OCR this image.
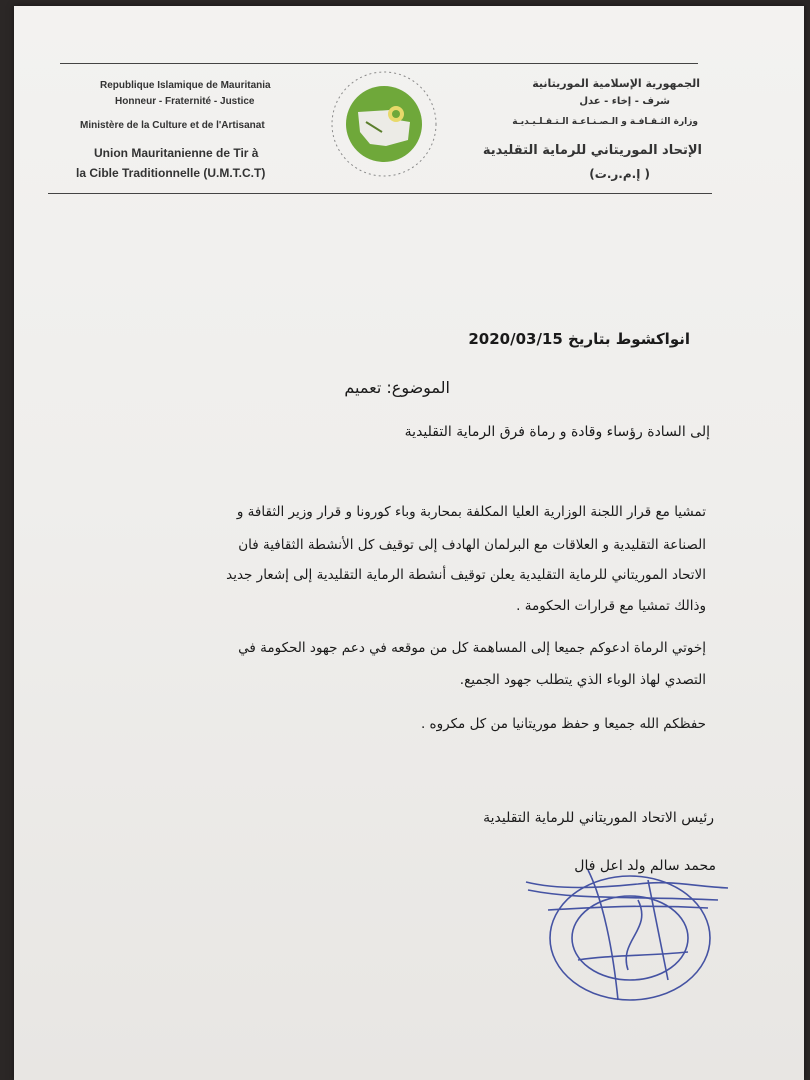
Republique Islamique de Mauritania
Honneur - Fraternité - Justice
Ministère de la Culture et de l'Artisanat
Union Mauritanienne de Tir à
la Cible Traditionnelle (U.M.T.C.T)
الجمهورية الإسلامية الموريتانية
شرف - إخاء - عدل
وزارة الثـقـافـة و الـصـنـاعـة الـتـقـلـيـديـة
الإتحاد الموريتاني للرماية التقليدية
( إ.م.ر.ت)
انواكشوط بتاريخ 2020/03/15
الموضوع: تعميم
إلى السادة رؤساء وقادة و رماة فرق الرماية التقليدية
تمشيا مع قرار اللجنة الوزارية العليا المكلفة بمحاربة وباء كورونا و قرار وزير الثقافة و
الصناعة التقليدية و العلاقات مع البرلمان الهادف إلى توقيف كل الأنشطة الثقافية فان
الاتحاد الموريتاني للرماية التقليدية يعلن توقيف أنشطة الرماية التقليدية إلى إشعار جديد
وذالك تمشيا مع قرارات الحكومة .
إخوتي الرماة ادعوكم جميعا إلى المساهمة كل من موقعه في دعم جهود الحكومة في
التصدي لهاذ الوباء الذي يتطلب جهود الجميع.
حفظكم الله جميعا و حفظ موريتانيا من كل مكروه .
رئيس الاتحاد الموريتاني للرماية التقليدية
محمد سالم ولد اعل فال
